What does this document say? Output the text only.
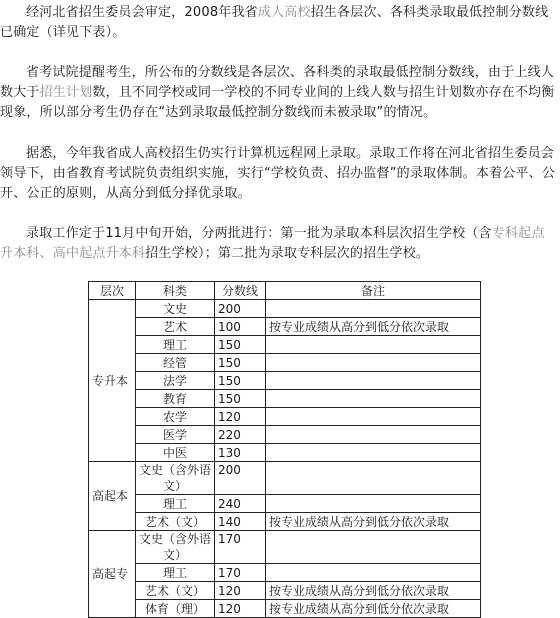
经河北省招生委员会审定，2008年我省成人高校招生各层次、各科类录取最低控制分数线已确定（详见下表）。

省考试院提醒考生，所公布的分数线是各层次、各科类的录取最低控制分数线，由于上线人数大于招生计划数，且不同学校或同一学校的不同专业间的上线人数与招生计划数亦存在不均衡现象，所以部分考生仍存在“达到录取最低控制分数线而未被录取”的情况。

据悉，今年我省成人高校招生仍实行计算机远程网上录取。录取工作将在河北省招生委员会领导下，由省教育考试院负责组织实施，实行“学校负责、招办监督”的录取体制。本着公平、公开、公正的原则，从高分到低分择优录取。

录取工作定于11月中旬开始，分两批进行：第一批为录取本科层次招生学校（含专科起点升本科、高中起点升本科招生学校）；第二批为录取专科层次的招生学校。

层次	科类	分数线	备注
专升本	文史	200	
	艺术	100	按专业成绩从高分到低分依次录取
	理工	150	
	经管	150	
	法学	150	
	教育	150	
	农学	120	
	医学	220	
	中医	130	
高起本	文史（含外语文）	200	
	理工	240	
	艺术（文）	140	按专业成绩从高分到低分依次录取
高起专	文史（含外语文）	170	
	理工	170	
	艺术（文）	120	按专业成绩从高分到低分依次录取
	体育（理）	120	按专业成绩从高分到低分依次录取
